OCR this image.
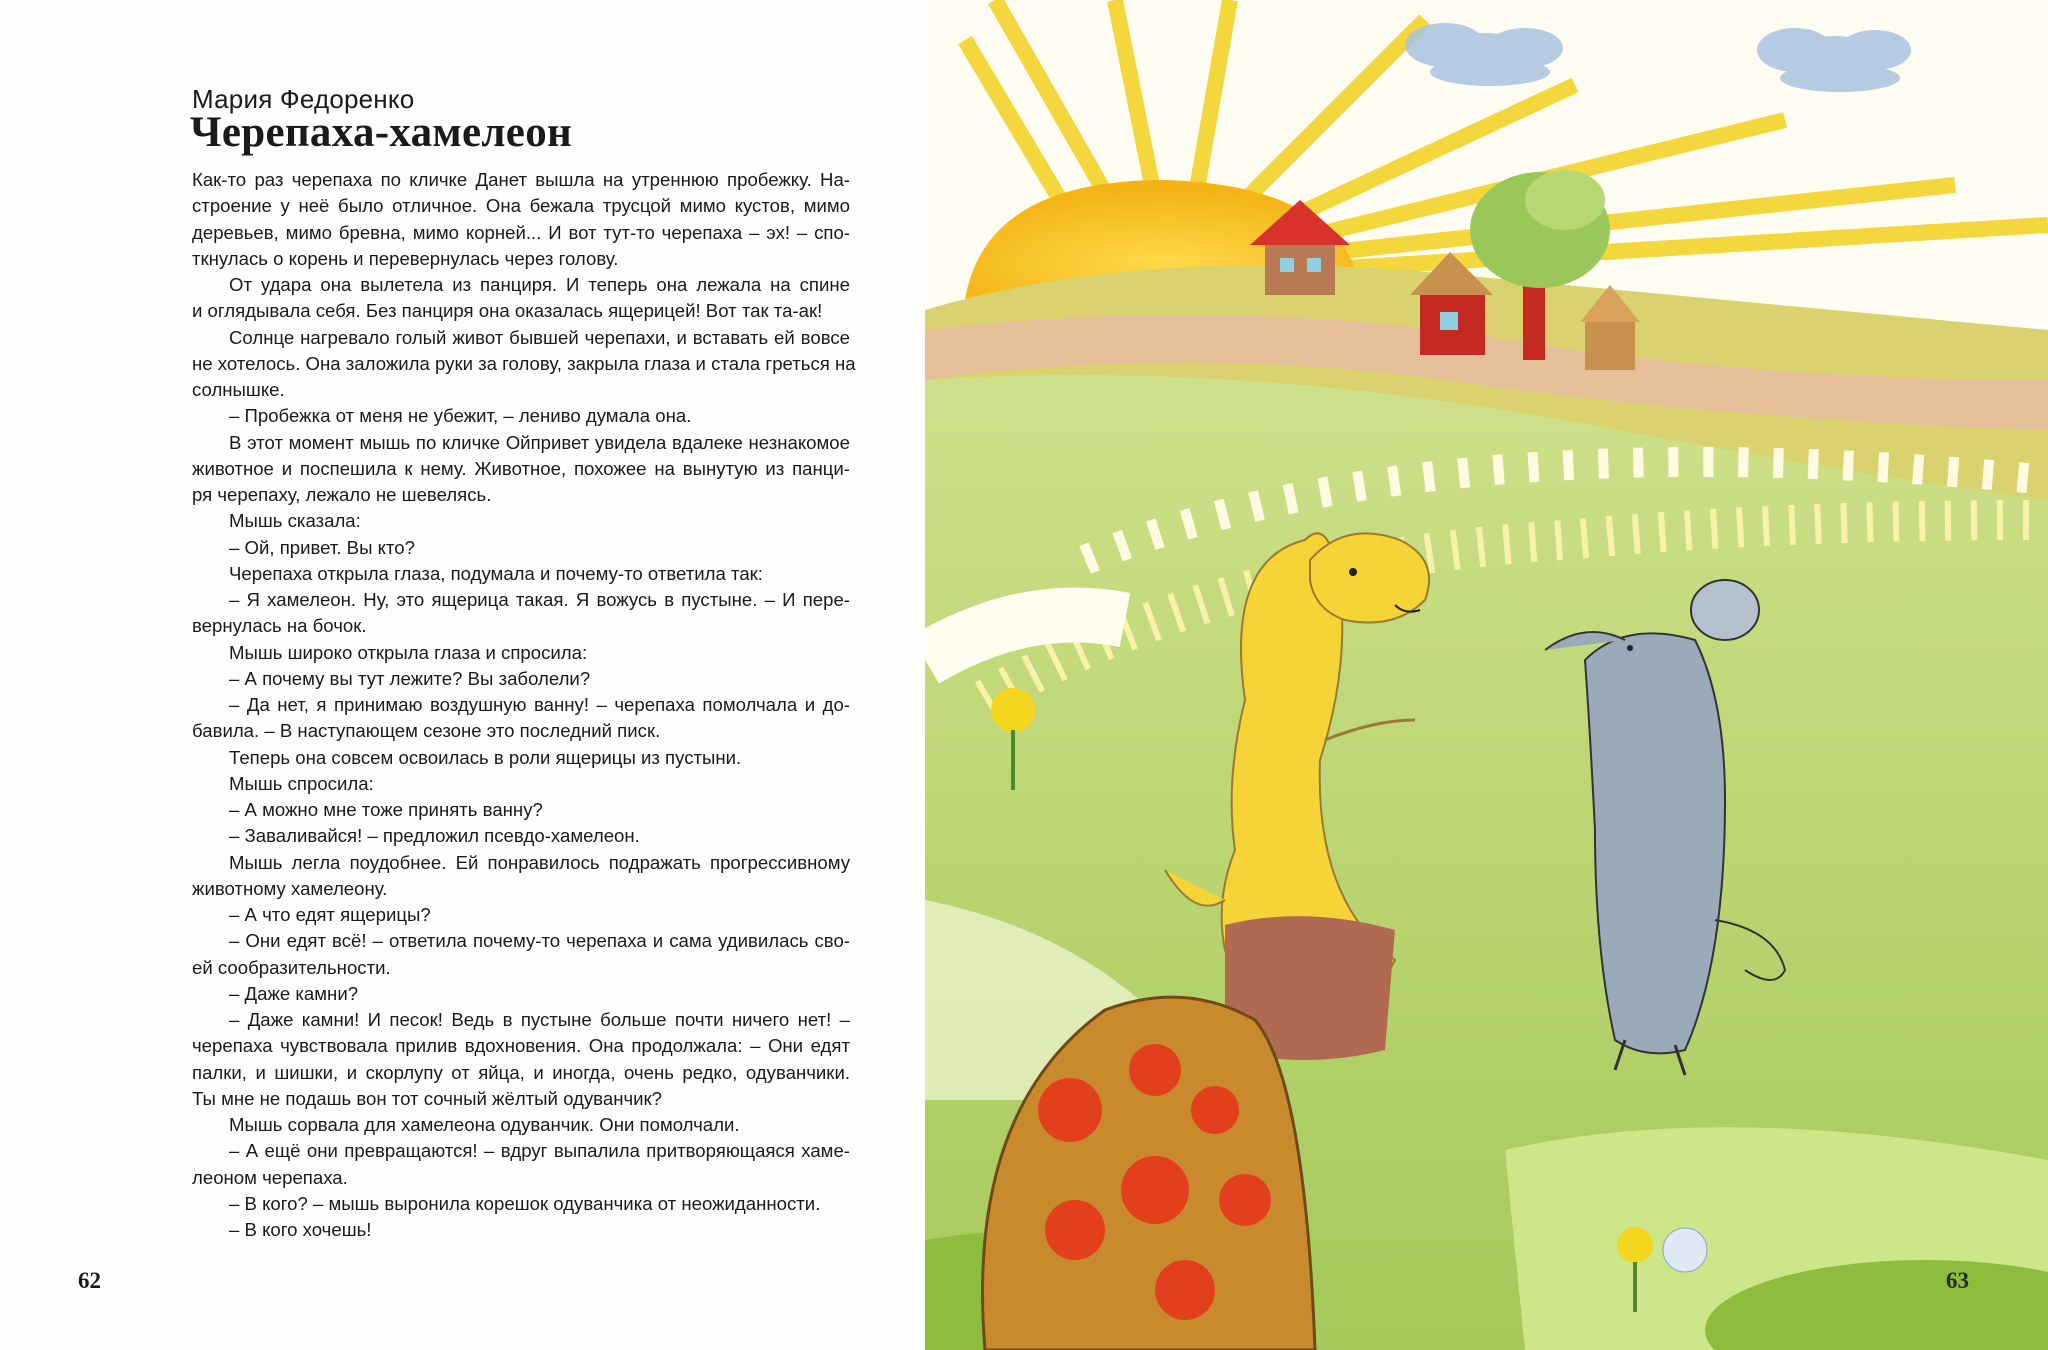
Мария Федоренко
Черепаха-хамелеон
Как-то раз черепаха по кличке Данет вышла на утреннюю пробежку. На-
строение у неё было отличное. Она бежала трусцой мимо кустов, мимо
деревьев, мимо бревна, мимо корней... И вот тут-то черепаха – эх! – спо-
ткнулась о корень и перевернулась через голову.
От удара она вылетела из панциря. И теперь она лежала на спине
и оглядывала себя. Без панциря она оказалась ящерицей! Вот так та-ак!
Солнце нагревало голый живот бывшей черепахи, и вставать ей вовсе
не хотелось. Она заложила руки за голову, закрыла глаза и стала греться на
солнышке.
– Пробежка от меня не убежит, – лениво думала она.
В этот момент мышь по кличке Ойпривет увидела вдалеке незнакомое
животное и поспешила к нему. Животное, похожее на вынутую из панци-
ря черепаху, лежало не шевелясь.
Мышь сказала:
– Ой, привет. Вы кто?
Черепаха открыла глаза, подумала и почему-то ответила так:
– Я хамелеон. Ну, это ящерица такая. Я вожусь в пустыне. – И пере-
вернулась на бочок.
Мышь широко открыла глаза и спросила:
– А почему вы тут лежите? Вы заболели?
– Да нет, я принимаю воздушную ванну! – черепаха помолчала и до-
бавила. – В наступающем сезоне это последний писк.
Теперь она совсем освоилась в роли ящерицы из пустыни.
Мышь спросила:
– А можно мне тоже принять ванну?
– Заваливайся! – предложил псевдо-хамелеон.
Мышь легла поудобнее. Ей понравилось подражать прогрессивному
животному хамелеону.
– А что едят ящерицы?
– Они едят всё! – ответила почему-то черепаха и сама удивилась сво-
ей сообразительности.
– Даже камни?
– Даже камни! И песок! Ведь в пустыне больше почти ничего нет! –
черепаха чувствовала прилив вдохновения. Она продолжала: – Они едят
палки, и шишки, и скорлупу от яйца, и иногда, очень редко, одуванчики.
Ты мне не подашь вон тот сочный жёлтый одуванчик?
Мышь сорвала для хамелеона одуванчик. Они помолчали.
– А ещё они превращаются! – вдруг выпалила притворяющаяся хаме-
леоном черепаха.
– В кого? – мышь выронила корешок одуванчика от неожиданности.
– В кого хочешь!
62	63
